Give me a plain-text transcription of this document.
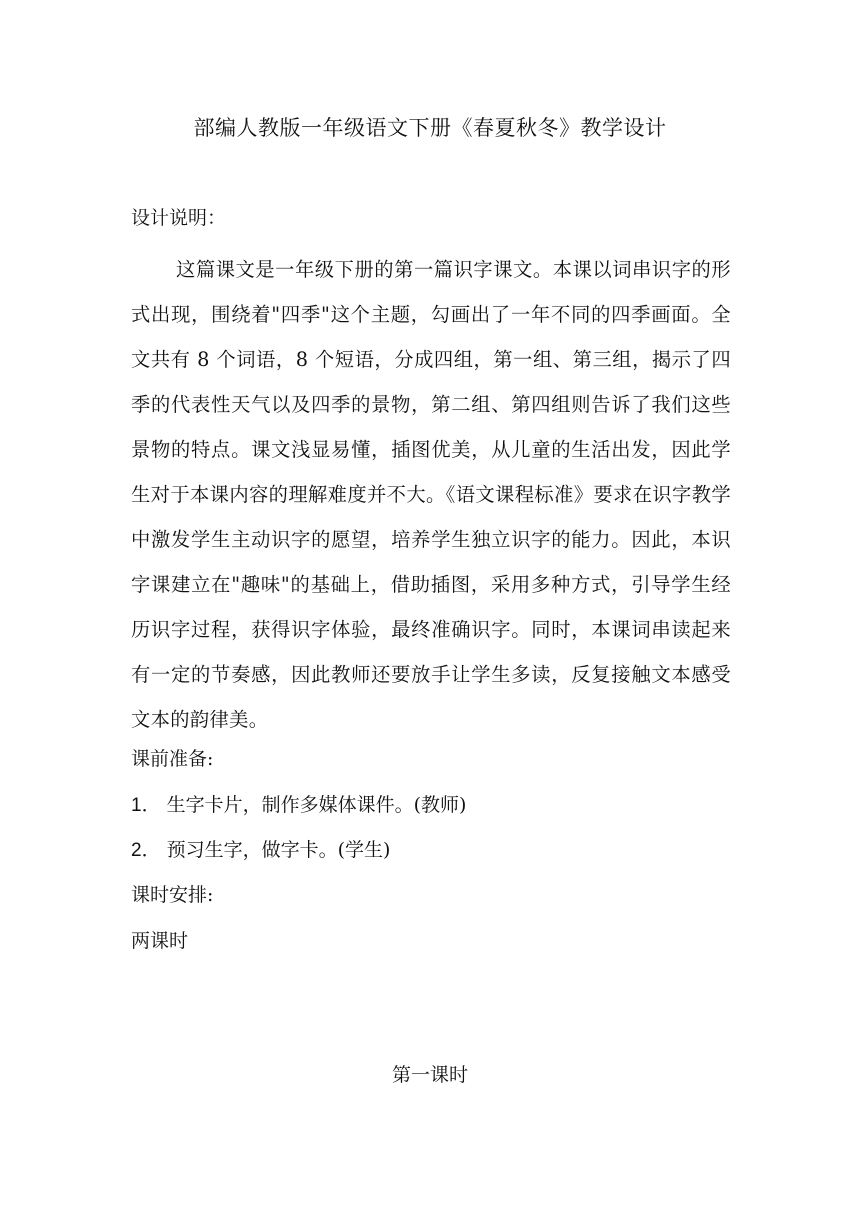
部编人教版一年级语文下册《春夏秋冬》教学设计
设计说明：
这篇课文是一年级下册的第一篇识字课文。本课以词串识字的形式出现，围绕着"四季"这个主题，勾画出了一年不同的四季画面。全文共有 8 个词语，8 个短语，分成四组，第一组、第三组，揭示了四季的代表性天气以及四季的景物，第二组、第四组则告诉了我们这些景物的特点。课文浅显易懂，插图优美，从儿童的生活出发，因此学生对于本课内容的理解难度并不大。《语文课程标准》要求在识字教学中激发学生主动识字的愿望，培养学生独立识字的能力。因此，本识字课建立在"趣味"的基础上，借助插图，采用多种方式，引导学生经历识字过程，获得识字体验，最终准确识字。同时，本课词串读起来有一定的节奏感，因此教师还要放手让学生多读，反复接触文本感受文本的韵律美。
课前准备:
1． 生字卡片，制作多媒体课件。(教师)
2． 预习生字，做字卡。(学生)
课时安排:
两课时
第一课时
